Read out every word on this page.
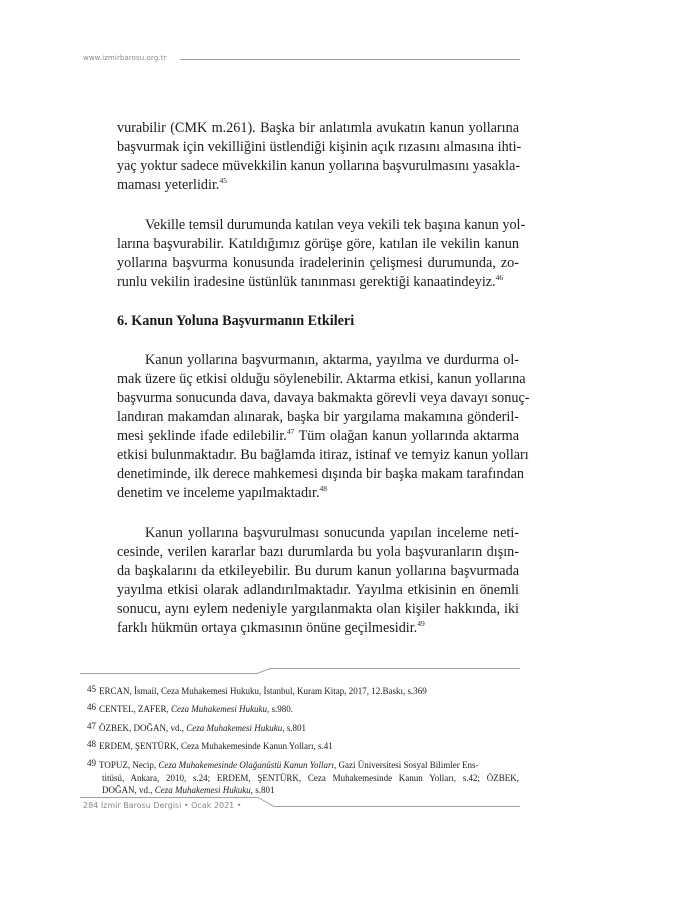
www.izmirbarosu.org.tr
vurabilir (CMK m.261). Başka bir anlatımla avukatın kanun yollarına
başvurmak için vekilliğini üstlendiği kişinin açık rızasını almasına ihti-
yaç yoktur sadece müvekkilin kanun yollarına başvurulmasını yasakla-
maması yeterlidir.$^{45}$
Vekille temsil durumunda katılan veya vekili tek başına kanun yol-
larına başvurabilir. Katıldığımız görüşe göre, katılan ile vekilin kanun
yollarına başvurma konusunda iradelerinin çelişmesi durumunda, zo-
runlu vekilin iradesine üstünlük tanınması gerektiği kanaatindeyiz.$^{46}$
6. Kanun Yoluna Başvurmanın Etkileri
Kanun yollarına başvurmanın, aktarma, yayılma ve durdurma ol-
mak üzere üç etkisi olduğu söylenebilir. Aktarma etkisi, kanun yollarına
başvurma sonucunda dava, davaya bakmakta görevli veya davayı sonuç-
landıran makamdan alınarak, başka bir yargılama makamına gönderil-
mesi şeklinde ifade edilebilir.$^{47}$ Tüm olağan kanun yollarında aktarma
etkisi bulunmaktadır. Bu bağlamda itiraz, istinaf ve temyiz kanun yolları
denetiminde, ilk derece mahkemesi dışında bir başka makam tarafından
denetim ve inceleme yapılmaktadır.$^{48}$
Kanun yollarına başvurulması sonucunda yapılan inceleme neti-
cesinde, verilen kararlar bazı durumlarda bu yola başvuranların dışın-
da başkalarını da etkileyebilir. Bu durum kanun yollarına başvurmada
yayılma etkisi olarak adlandırılmaktadır. Yayılma etkisinin en önemli
sonucu, aynı eylem nedeniyle yargılanmakta olan kişiler hakkında, iki
farklı hükmün ortaya çıkmasının önüne geçilmesidir.$^{49}$
45 ERCAN, İsmail, Ceza Muhakemesi Hukuku, İstanbul, Kuram Kitap, 2017, 12.Baskı, s.369
46 CENTEL, ZAFER, Ceza Muhakemesi Hukuku, s.980.
47 ÖZBEK, DOĞAN, vd., Ceza Muhakemesi Hukuku, s.801
48 ERDEM, ŞENTÜRK, Ceza Muhakemesinde Kanun Yolları, s.41
49 TOPUZ, Necip, Ceza Muhakemesinde Olağanüstü Kanun Yolları, Gazi Üniversitesi Sosyal Bilimler Ens-
titüsü, Ankara, 2010, s.24; ERDEM, ŞENTÜRK, Ceza Muhakemesinde Kanun Yolları, s.42; ÖZBEK,
DOĞAN, vd., Ceza Muhakemesi Hukuku, s.801
284 İzmir Barosu Dergisi • Ocak 2021 •
